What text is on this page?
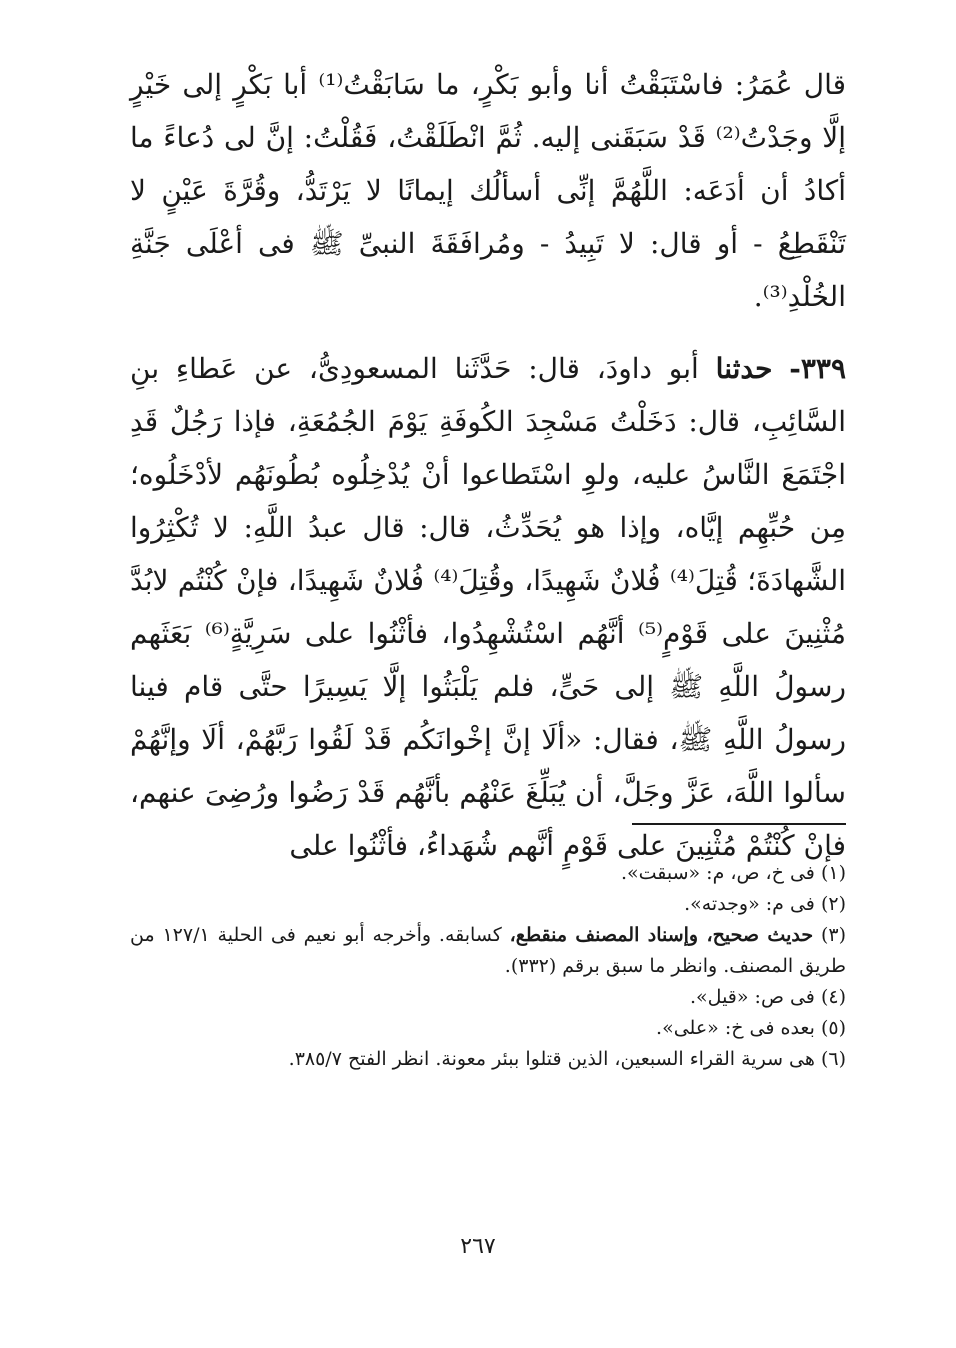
قال عُمَرُ: فاسْتَبَقْتُ أنا وأبو بَكْرٍ، ما سَابَقْتُ⁽¹⁾ أبا بَكْرٍ إلى خَيْرٍ إلَّا وجَدْتُ⁽²⁾ قَدْ سَبَقَنى إليه. ثُمَّ انْطَلَقْتُ، فَقُلْتُ: إنَّ لى دُعاءً ما أكادُ أن أدَعَه: اللَّهُمَّ إنِّى أسألُك إيمانًا لا يَرْتَدُّ، وقُرَّةَ عَيْنٍ لا تَنْقَطِعُ - أو قال: لا تَبِيدُ - ومُرافَقَةَ النبىِّ ﷺ فى أعْلَى جَنَّةِ الخُلْدِ⁽³⁾.

٣٣٩- حدثنا أبو داودَ، قال: حَدَّثَنا المسعودِىُّ، عن عَطاءِ بنِ السَّائِبِ، قال: دَخَلْتُ مَسْجِدَ الكُوفَةِ يَوْمَ الجُمُعَةِ، فإذا رَجُلٌ قَدِ اجْتَمَعَ النَّاسُ عليه، ولوِ اسْتَطاعوا أنْ يُدْخِلُوه بُطُونَهُم لأدْخَلُوه؛ مِن حُبِّهِم إيَّاه، وإذا هو يُحَدِّثُ، قال: قال عبدُ اللَّهِ: لا تُكْثِرُوا الشَّهادَةَ؛ قُتِلَ⁽⁴⁾ فُلانٌ شَهِيدًا، وقُتِلَ⁽⁴⁾ فُلانٌ شَهِيدًا، فإنْ كُنْتُم لابُدَّ مُثْنِينَ على قَوْمٍ⁽⁵⁾ أنَّهُم اسْتُشْهِدُوا، فأثْنُوا على سَرِيَّةٍ⁽⁶⁾ بَعَثَهم رسولُ اللَّهِ ﷺ إلى حَىٍّ، فلم يَلْبَثُوا إلَّا يَسِيرًا حتَّى قام فينا رسولُ اللَّهِ ﷺ، فقال: «ألَا إنَّ إخْوانَكُم قَدْ لَقُوا رَبَّهُمْ، ألَا وإنَّهُمْ سألوا اللَّهَ، عَزَّ وجَلَّ، أن يُبَلِّغَ عَنْهُم بأنَّهُم قَدْ رَضُوا ورُضِىَ عنهم، فإنْ كُنْتُمْ مُثْنِينَ على قَوْمٍ أنَّهم شُهَداءُ، فأثْنُوا على

(١) فى خ، ص، م: «سبقت».

(٢) فى م: «وجدته».

(٣) حديث صحيح، وإسناد المصنف منقطع، كسابقه. وأخرجه أبو نعيم فى الحلية ١٢٧/١ من طريق المصنف. وانظر ما سبق برقم (٣٣٢).

(٤) فى ص: «قيل».

(٥) بعده فى خ: «على».

(٦) هى سرية القراء السبعين، الذين قتلوا ببئر معونة. انظر الفتح ٣٨٥/٧.

٢٦٧
